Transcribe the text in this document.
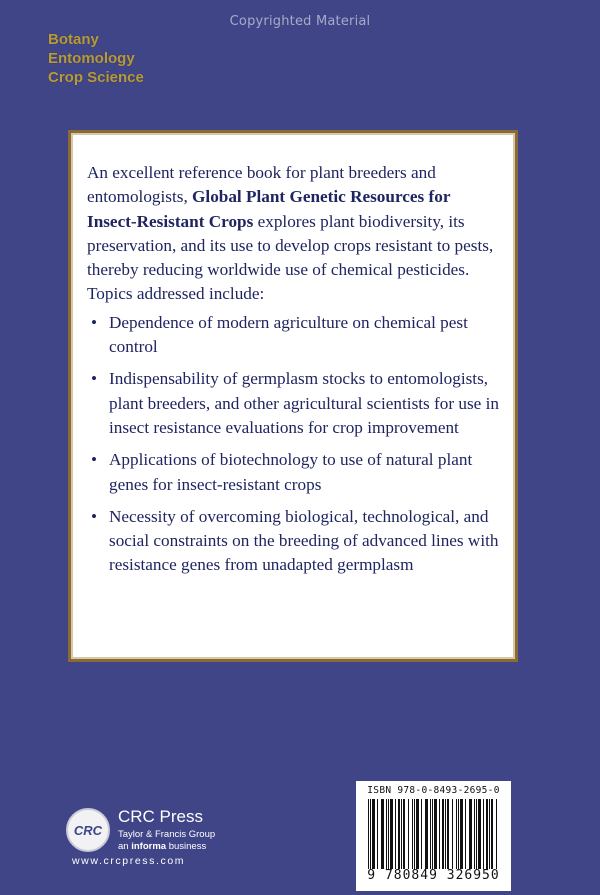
Copyrighted Material
Botany
Entomology
Crop Science

An excellent reference book for plant breeders and entomologists, Global Plant Genetic Resources for Insect-Resistant Crops explores plant biodiversity, its preservation, and its use to develop crops resistant to pests, thereby reducing worldwide use of chemical pesticides. Topics addressed include:

• Dependence of modern agriculture on chemical pest control
• Indispensability of germplasm stocks to entomologists, plant breeders, and other agricultural scientists for use in insect resistance evaluations for crop improvement
• Applications of biotechnology to use of natural plant genes for insect-resistant crops
• Necessity of overcoming biological, technological, and social constraints on the breeding of advanced lines with resistance genes from unadapted germplasm
CRC
CRC Press
Taylor & Francis Group
an informa business
www.crcpress.com
ISBN 978-0-8493-2695-0
9 780849 326950
